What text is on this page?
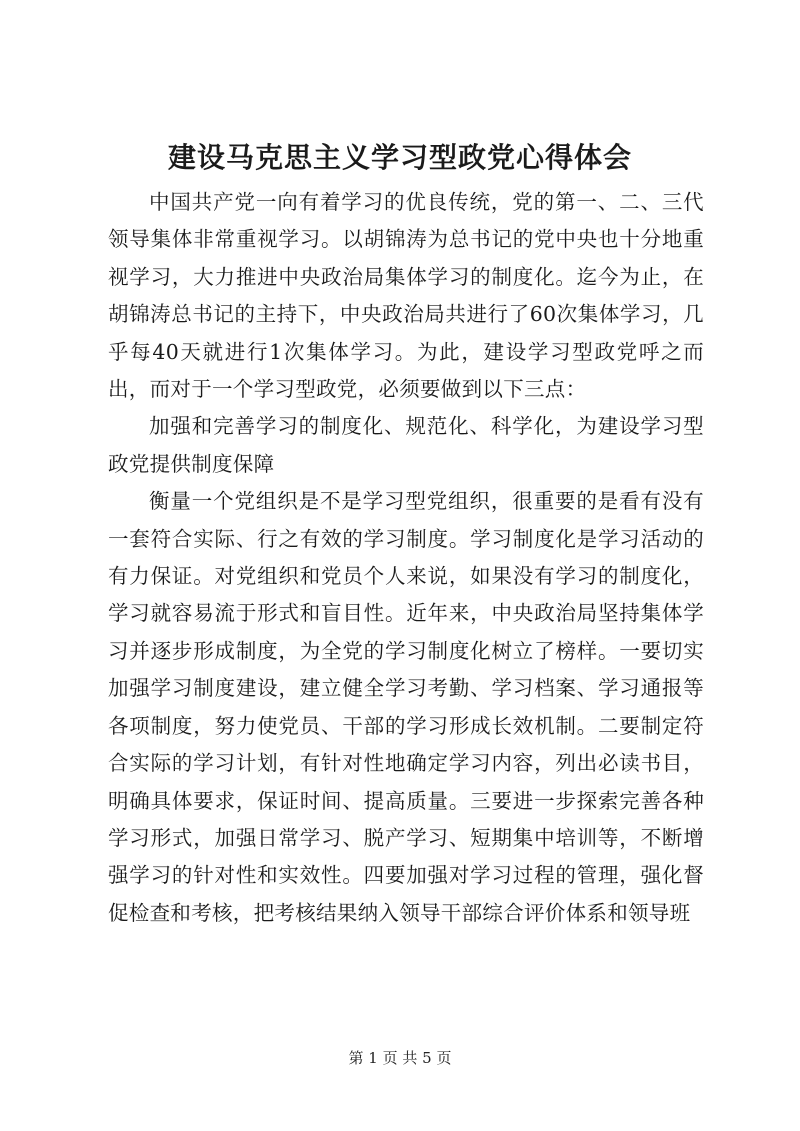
建设马克思主义学习型政党心得体会

中国共产党一向有着学习的优良传统，党的第一、二、三代领导集体非常重视学习。以胡锦涛为总书记的党中央也十分地重视学习，大力推进中央政治局集体学习的制度化。迄今为止，在胡锦涛总书记的主持下，中央政治局共进行了60次集体学习，几乎每40天就进行1次集体学习。为此，建设学习型政党呼之而出，而对于一个学习型政党，必须要做到以下三点：

加强和完善学习的制度化、规范化、科学化，为建设学习型政党提供制度保障

衡量一个党组织是不是学习型党组织，很重要的是看有没有一套符合实际、行之有效的学习制度。学习制度化是学习活动的有力保证。对党组织和党员个人来说，如果没有学习的制度化，学习就容易流于形式和盲目性。近年来，中央政治局坚持集体学习并逐步形成制度，为全党的学习制度化树立了榜样。一要切实加强学习制度建设，建立健全学习考勤、学习档案、学习通报等各项制度，努力使党员、干部的学习形成长效机制。二要制定符合实际的学习计划，有针对性地确定学习内容，列出必读书目，明确具体要求，保证时间、提高质量。三要进一步探索完善各种学习形式，加强日常学习、脱产学习、短期集中培训等，不断增强学习的针对性和实效性。四要加强对学习过程的管理，强化督促检查和考核，把考核结果纳入领导干部综合评价体系和领导班

第 1 页 共 5 页
